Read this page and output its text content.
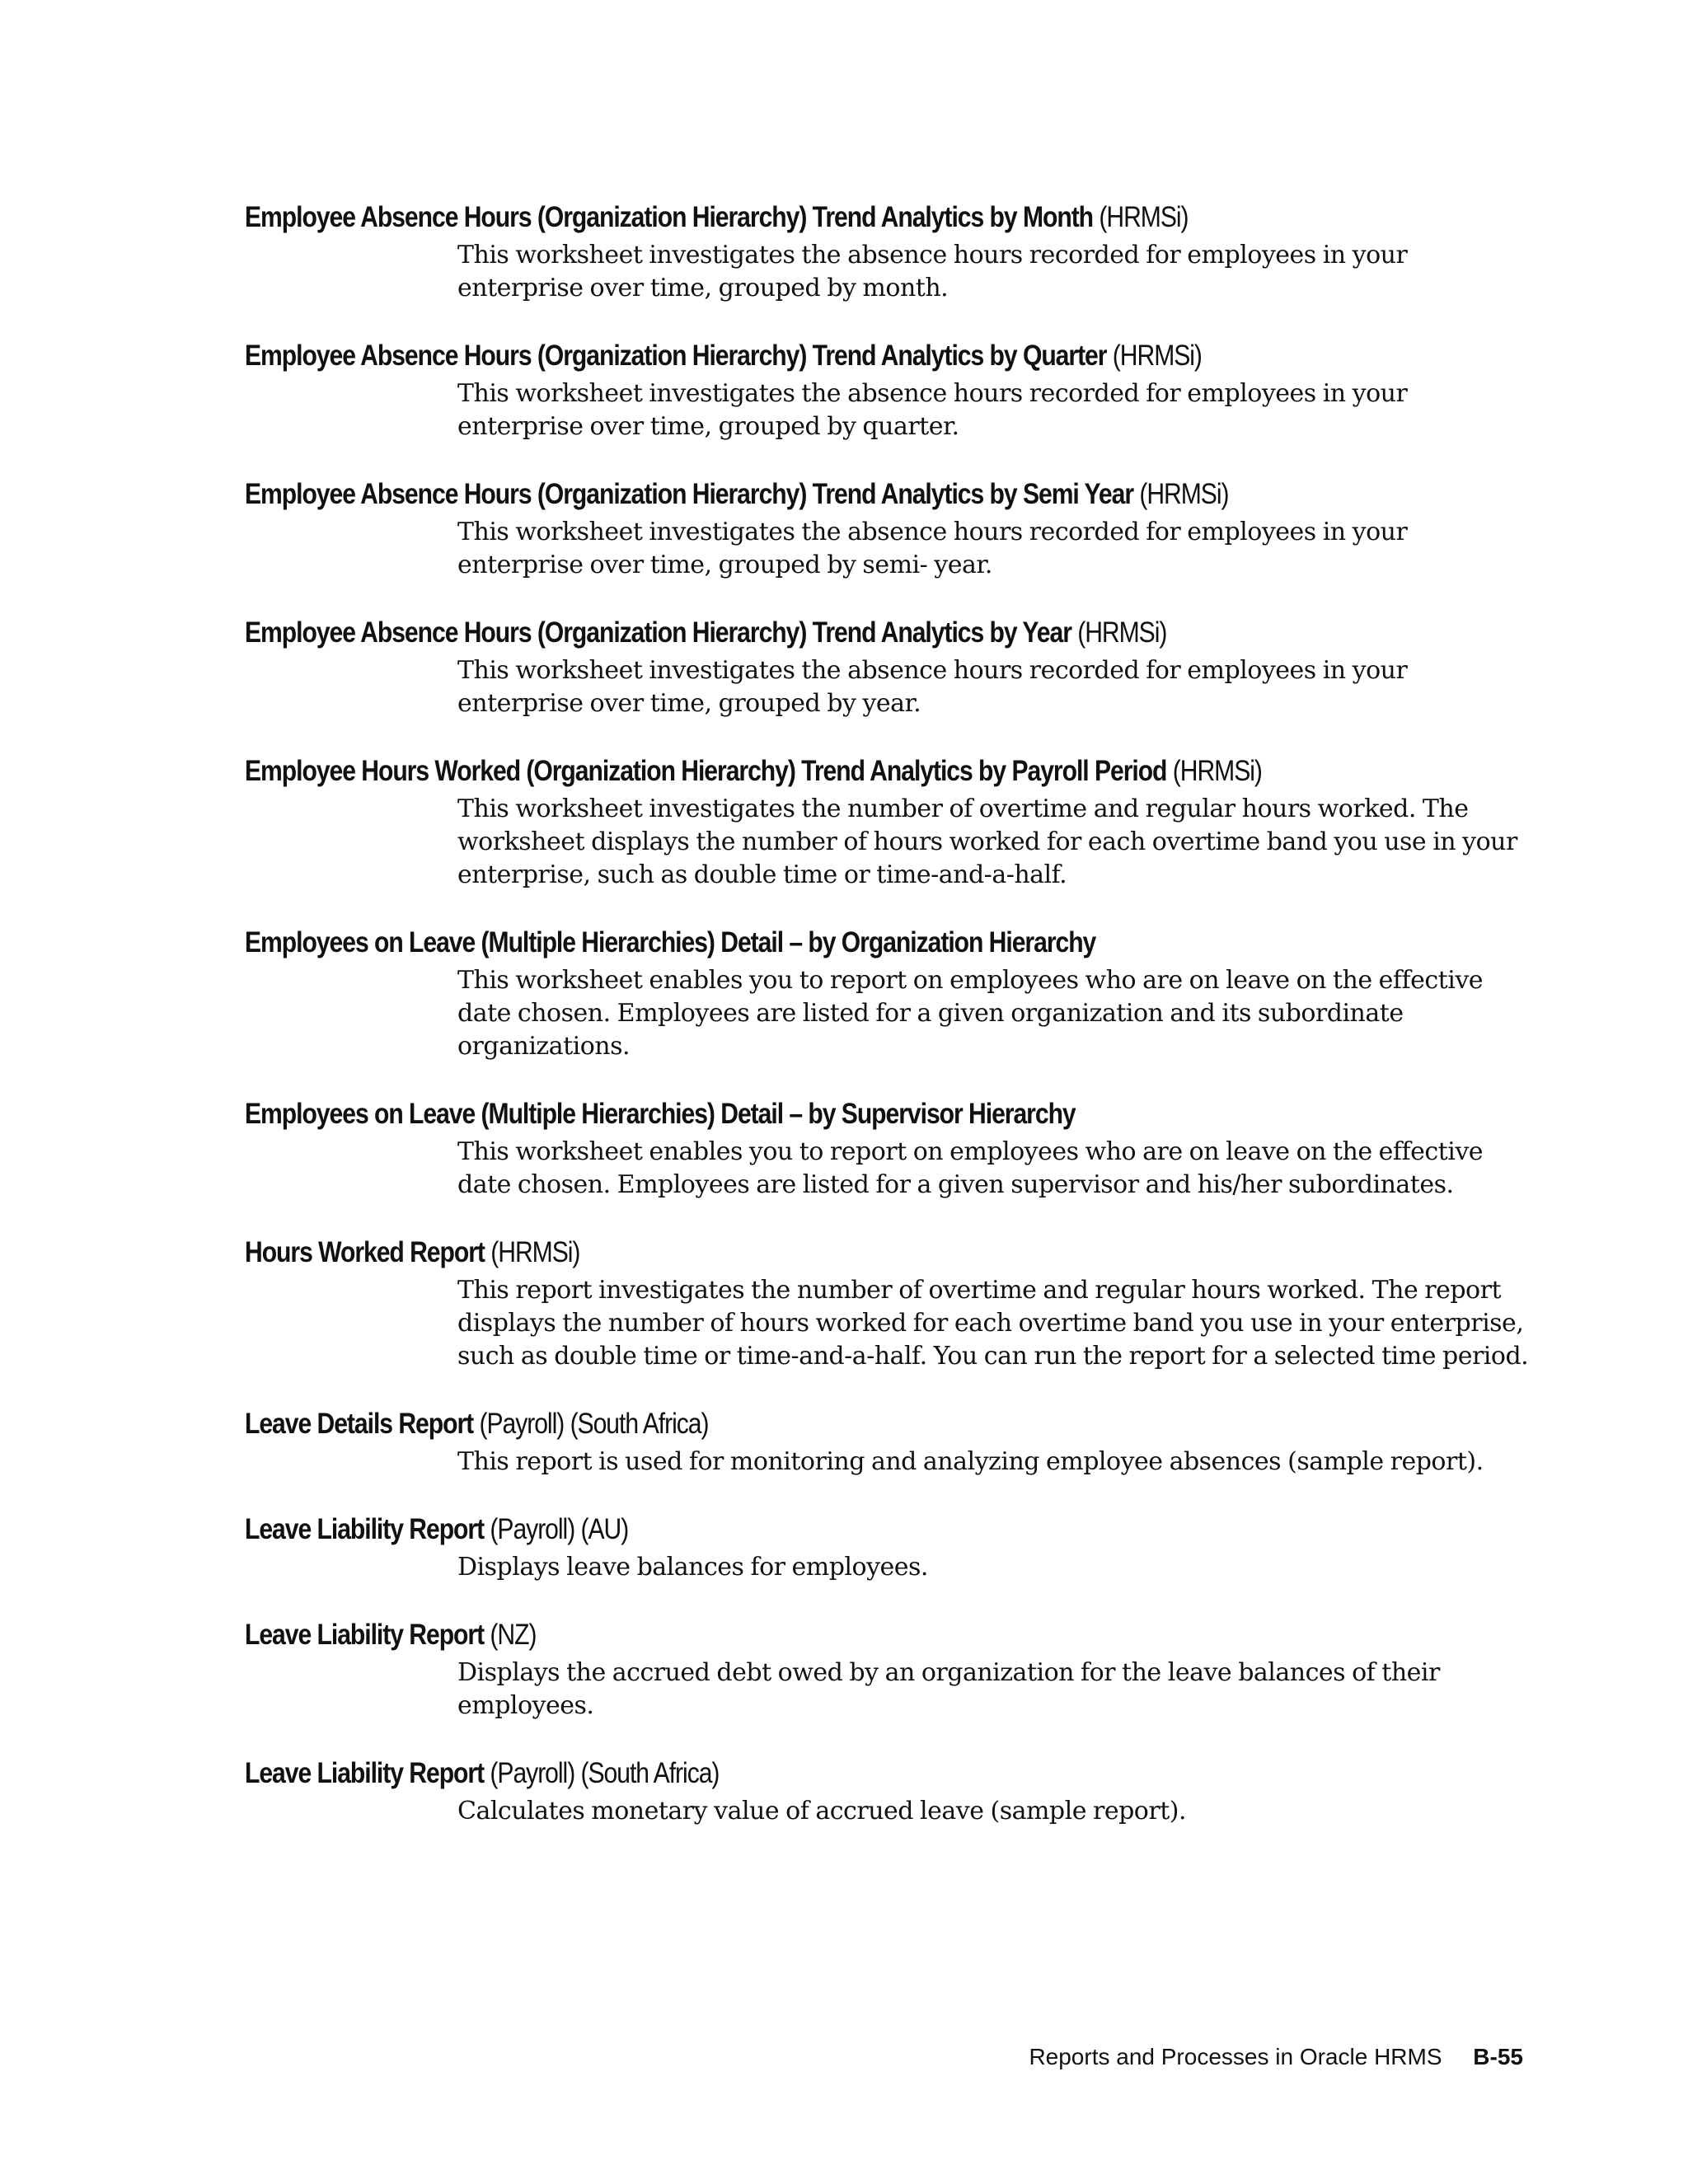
Employee Absence Hours (Organization Hierarchy) Trend Analytics by Month (HRMSi)
This worksheet investigates the absence hours recorded for employees in your enterprise over time, grouped by month.
Employee Absence Hours (Organization Hierarchy) Trend Analytics by Quarter (HRMSi)
This worksheet investigates the absence hours recorded for employees in your enterprise over time, grouped by quarter.
Employee Absence Hours (Organization Hierarchy) Trend Analytics by Semi Year (HRMSi)
This worksheet investigates the absence hours recorded for employees in your enterprise over time, grouped by semi- year.
Employee Absence Hours (Organization Hierarchy) Trend Analytics by Year (HRMSi)
This worksheet investigates the absence hours recorded for employees in your enterprise over time, grouped by year.
Employee Hours Worked (Organization Hierarchy) Trend Analytics by Payroll Period (HRMSi)
This worksheet investigates the number of overtime and regular hours worked. The worksheet displays the number of hours worked for each overtime band you use in your enterprise, such as double time or time-and-a-half.
Employees on Leave (Multiple Hierarchies) Detail – by Organization Hierarchy
This worksheet enables you to report on employees who are on leave on the effective date chosen. Employees are listed for a given organization and its subordinate organizations.
Employees on Leave (Multiple Hierarchies) Detail – by Supervisor Hierarchy
This worksheet enables you to report on employees who are on leave on the effective date chosen. Employees are listed for a given supervisor and his/her subordinates.
Hours Worked Report (HRMSi)
This report investigates the number of overtime and regular hours worked. The report displays the number of hours worked for each overtime band you use in your enterprise, such as double time or time-and-a-half. You can run the report for a selected time period.
Leave Details Report (Payroll) (South Africa)
This report is used for monitoring and analyzing employee absences (sample report).
Leave Liability Report (Payroll) (AU)
Displays leave balances for employees.
Leave Liability Report (NZ)
Displays the accrued debt owed by an organization for the leave balances of their employees.
Leave Liability Report (Payroll) (South Africa)
Calculates monetary value of accrued leave (sample report).
Reports and Processes in Oracle HRMS B-55
